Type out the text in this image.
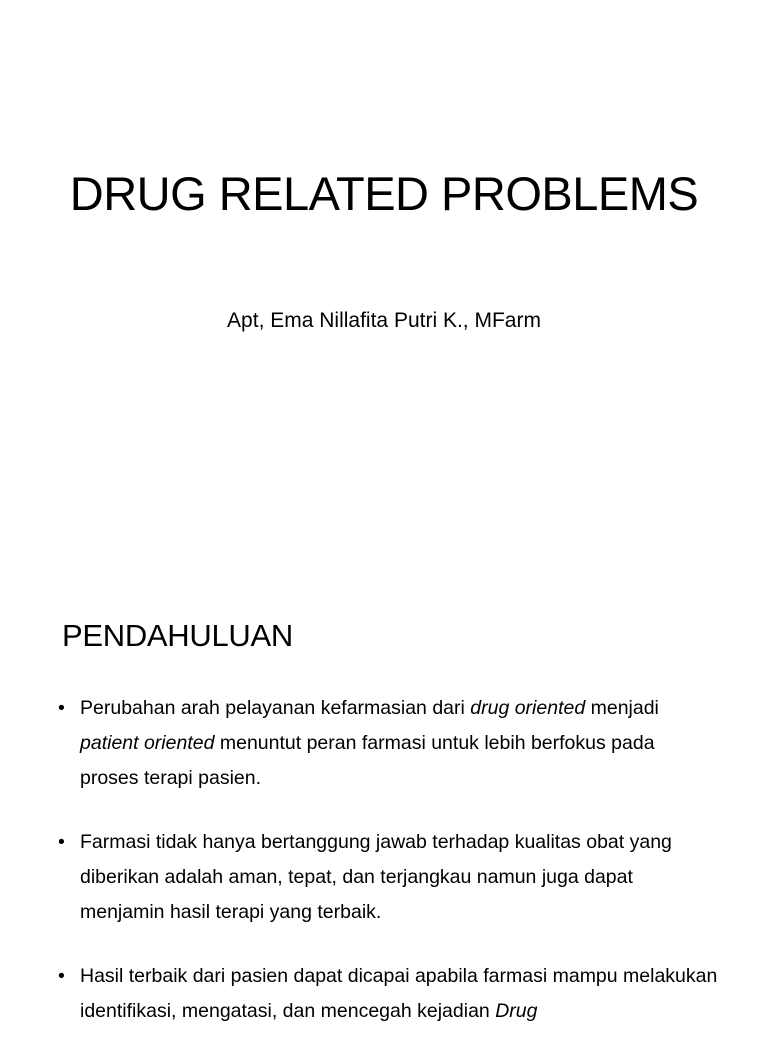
DRUG RELATED PROBLEMS

Apt, Ema Nillafita Putri K., MFarm

PENDAHULUAN
• Perubahan arah pelayanan kefarmasian dari drug oriented menjadi patient oriented menuntut peran farmasi untuk lebih berfokus pada proses terapi pasien.
• Farmasi tidak hanya bertanggung jawab terhadap kualitas obat yang diberikan adalah aman, tepat, dan terjangkau namun juga dapat menjamin hasil terapi yang terbaik.
• Hasil terbaik dari pasien dapat dicapai apabila farmasi mampu melakukan identifikasi, mengatasi, dan mencegah kejadian Drug
